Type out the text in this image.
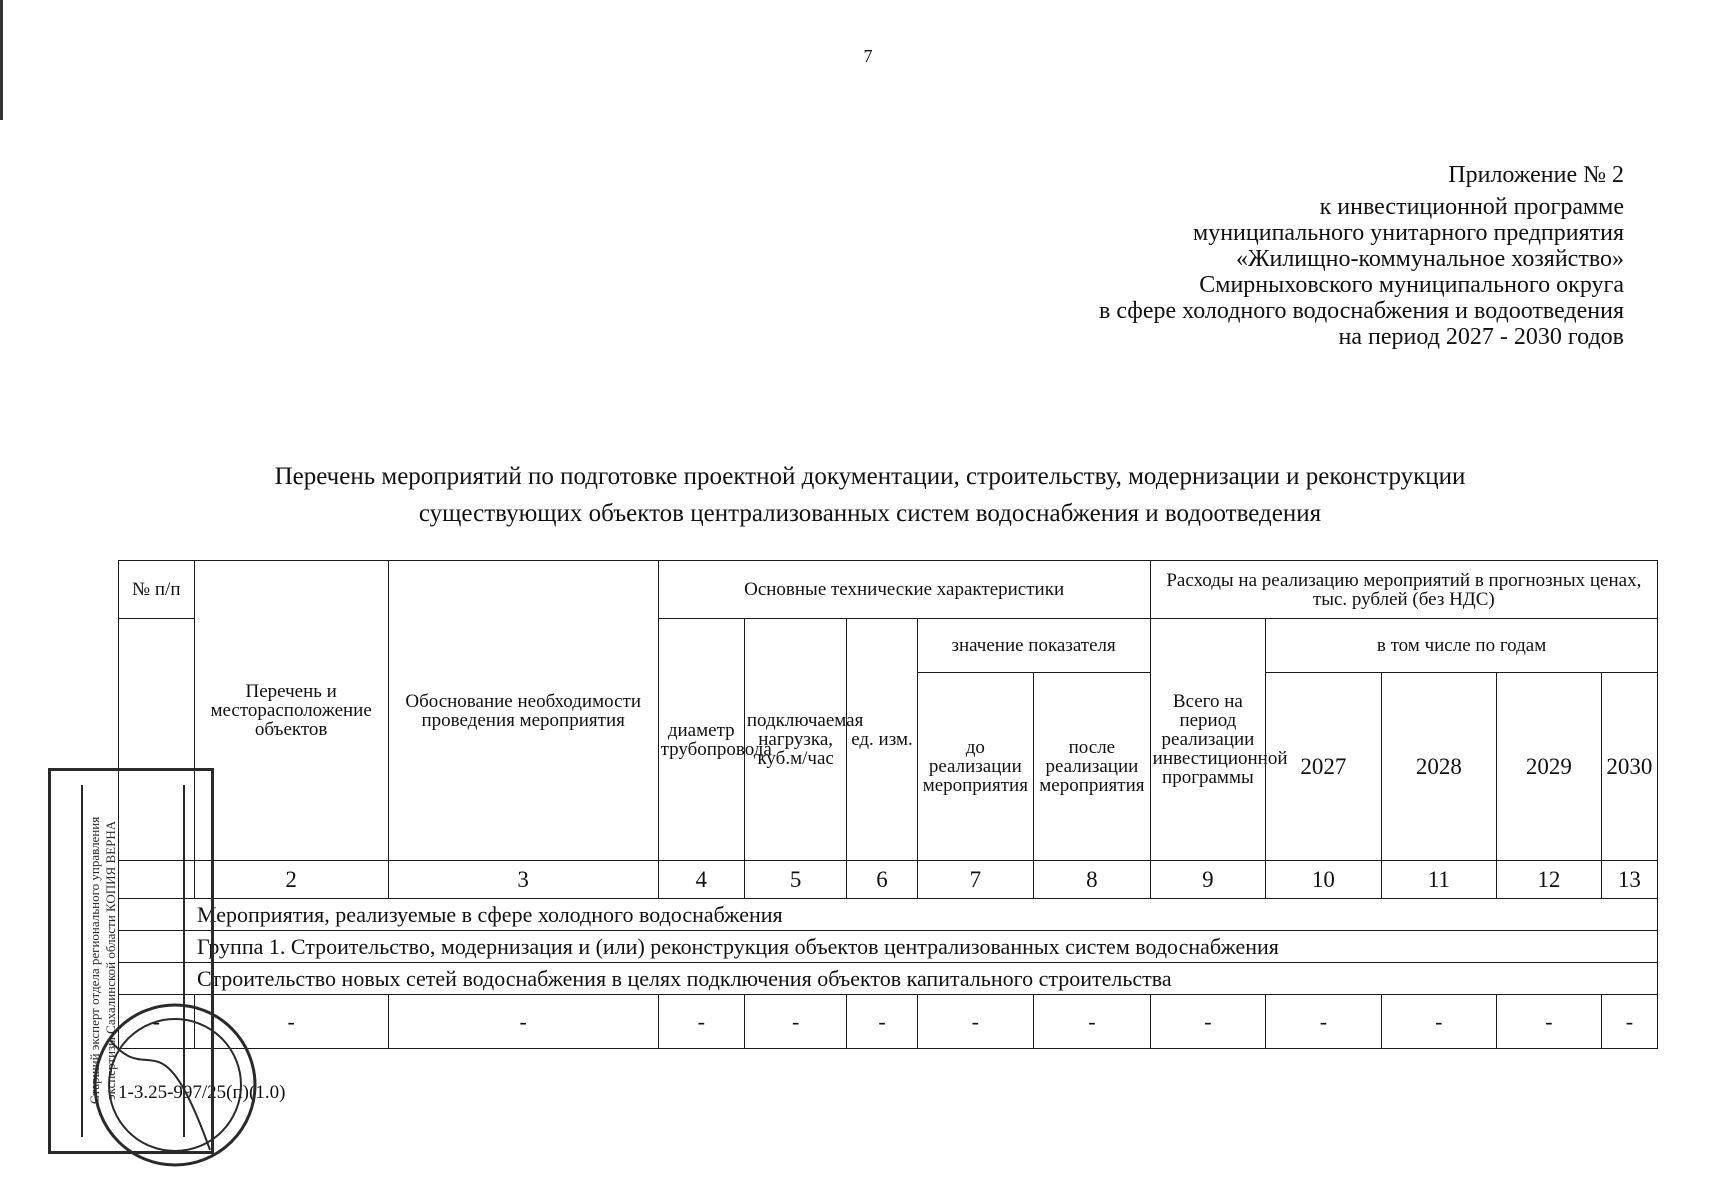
7
Приложение № 2
к инвестиционной программе
муниципального унитарного предприятия
«Жилищно-коммунальное хозяйство»
Смирныховского муниципального округа
в сфере холодного водоснабжения и водоотведения
на период 2027 - 2030 годов
Перечень мероприятий по подготовке проектной документации, строительству, модернизации и реконструкции
существующих объектов централизованных систем водоснабжения и водоотведения
№ п/п	Перечень и месторасположение объектов	Обоснование необходимости проведения мероприятия	Основные технические характеристики					Расходы на реализацию мероприятий в прогнозных ценах, тыс. рублей (без НДС)				
			диаметр трубопровода	подключаемая нагрузка, куб.м/час	ед. изм.	значение показателя		Всего на период реализации инвестиционной программы	в том числе по годам			
						до реализации мероприятия	после реализации мероприятия		2027	2028	2029	2030
	2	3	4	5	6	7	8	9	10	11	12	13
Мероприятия, реализуемые в сфере холодного водоснабжения												
Группа 1. Строительство, модернизация и (или) реконструкция объектов централизованных систем водоснабжения												
Строительство новых сетей водоснабжения в целях подключения объектов капитального строительства												
-	-	-	-	-	-	-	-	-	-	-	-	-
1-3.25-997/25(п)(1.0)
Старший эксперт отдела регионального управления экспертизы Сахалинской области КОПИЯ ВЕРНА
